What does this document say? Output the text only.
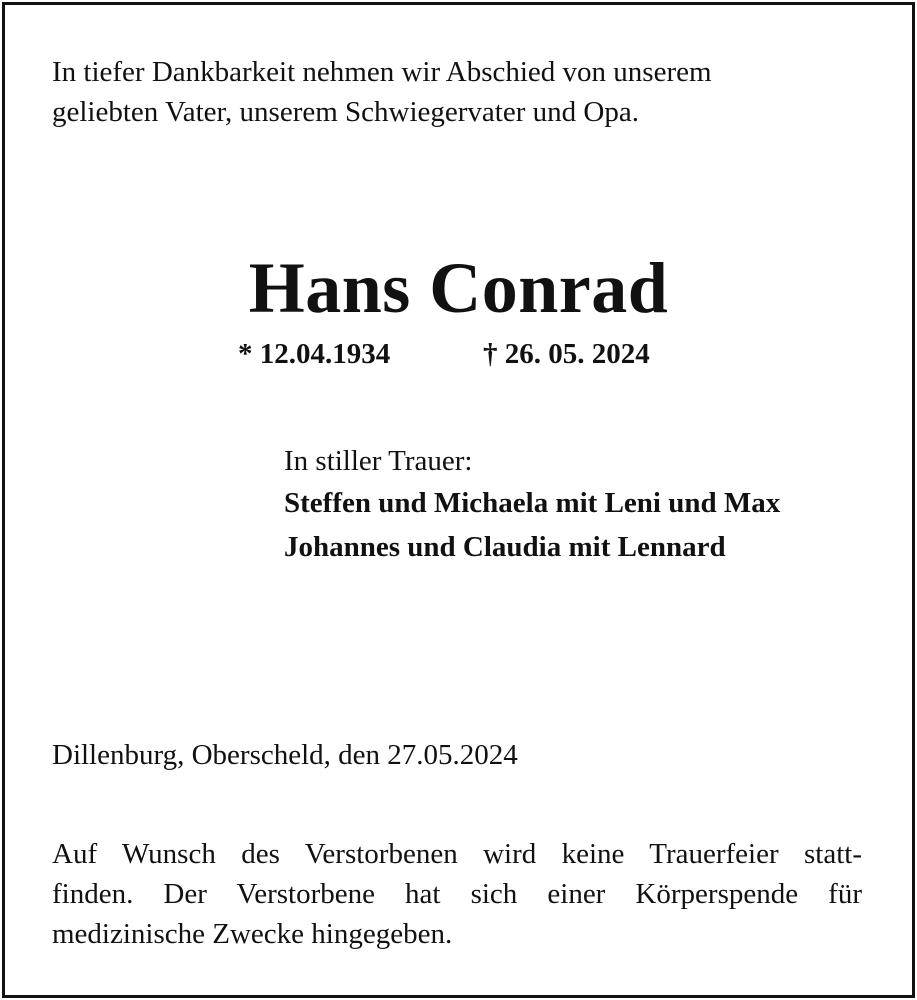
In tiefer Dankbarkeit nehmen wir Abschied von unserem
geliebten Vater, unserem Schwiegervater und Opa.
Hans Conrad
* 12.04.1934	† 26. 05. 2024
In stiller Trauer:
Steffen und Michaela mit Leni und Max
Johannes und Claudia mit Lennard
Dillenburg, Oberscheld, den 27.05.2024
Auf Wunsch des Verstorbenen wird keine Trauerfeier statt-
finden. Der Verstorbene hat sich einer Körperspende für
medizinische Zwecke hingegeben.
